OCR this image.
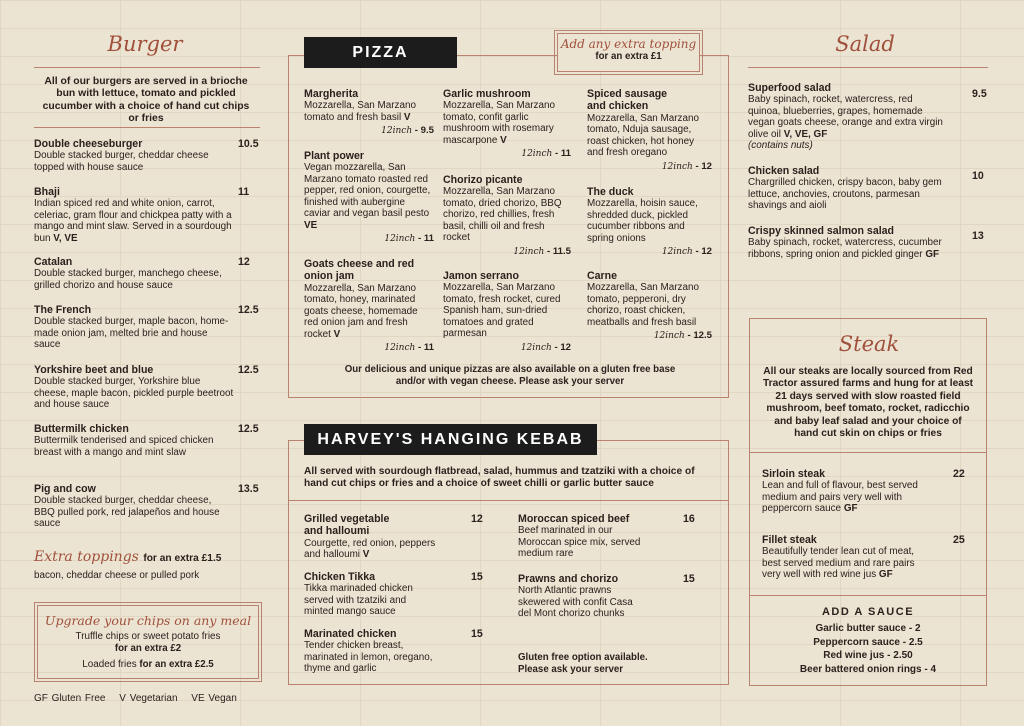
Burger
All of our burgers are served in a brioche bun with lettuce, tomato and pickled cucumber with a choice of hand cut chips or fries
Double cheeseburger
Double stacked burger, cheddar cheese topped with house sauce
10.5
Bhaji
Indian spiced red and white onion, carrot, celeriac, gram flour and chickpea patty with a mango and mint slaw. Served in a sourdough bun V, VE
11
Catalan
Double stacked burger, manchego cheese, grilled chorizo and house sauce
12
The French
Double stacked burger, maple bacon, home-made onion jam, melted brie and house sauce
12.5
Yorkshire beet and blue
Double stacked burger, Yorkshire blue cheese, maple bacon, pickled purple beetroot and house sauce
12.5
Buttermilk chicken
Buttermilk tenderised and spiced chicken breast with a mango and mint slaw
12.5
Pig and cow
Double stacked burger, cheddar cheese, BBQ pulled pork, red jalapeños and house sauce
13.5
Extra toppings for an extra £1.5
bacon, cheddar cheese or pulled pork
Upgrade your chips on any meal
Truffle chips or sweet potato fries
for an extra £2
Loaded fries for an extra £2.5
GF Gluten Free V Vegetarian VE Vegan
PIZZA	Add any extra topping
for an extra £1
Margherita
Mozzarella, San Marzano tomato and fresh basil V
12inch - 9.5
Plant power
Vegan mozzarella, San Marzano tomato roasted red pepper, red onion, courgette, finished with aubergine caviar and vegan basil pesto VE
12inch - 11
Goats cheese and red onion jam
Mozzarella, San Marzano tomato, honey, marinated goats cheese, homemade red onion jam and fresh rocket V
12inch - 11
Garlic mushroom
Mozzarella, San Marzano tomato, confit garlic mushroom with rosemary mascarpone V
12inch - 11
Chorizo picante
Mozzarella, San Marzano tomato, dried chorizo, BBQ chorizo, red chillies, fresh basil, chilli oil and fresh rocket
12inch - 11.5
Jamon serrano
Mozzarella, San Marzano tomato, fresh rocket, cured Spanish ham, sun-dried tomatoes and grated parmesan
12inch - 12
Spiced sausage and chicken
Mozzarella, San Marzano tomato, Nduja sausage, roast chicken, hot honey and fresh oregano
12inch - 12
The duck
Mozzarella, hoisin sauce, shredded duck, pickled cucumber ribbons and spring onions
12inch - 12
Carne
Mozzarella, San Marzano tomato, pepperoni, dry chorizo, roast chicken, meatballs and fresh basil
12inch - 12.5
Our delicious and unique pizzas are also available on a gluten free base and/or with vegan cheese. Please ask your server
HARVEY'S HANGING KEBAB
All served with sourdough flatbread, salad, hummus and tzatziki with a choice of hand cut chips or fries and a choice of sweet chilli or garlic butter sauce
Grilled vegetable and halloumi
Courgette, red onion, peppers and halloumi V
12
Chicken Tikka
Tikka marinaded chicken served with tzatziki and minted mango sauce
15
Marinated chicken
Tender chicken breast, marinated in lemon, oregano, thyme and garlic
15
Moroccan spiced beef
Beef marinated in our Moroccan spice mix, served medium rare
16
Prawns and chorizo
North Atlantic prawns skewered with confit Casa del Mont chorizo chunks
15
Gluten free option available. Please ask your server
Salad
Superfood salad
Baby spinach, rocket, watercress, red quinoa, blueberries, grapes, homemade vegan goats cheese, orange and extra virgin olive oil V, VE, GF
(contains nuts)
9.5
Chicken salad
Chargrilled chicken, crispy bacon, baby gem lettuce, anchovies, croutons, parmesan shavings and aioli
10
Crispy skinned salmon salad
Baby spinach, rocket, watercress, cucumber ribbons, spring onion and pickled ginger GF
13
Steak
All our steaks are locally sourced from Red Tractor assured farms and hung for at least 21 days served with slow roasted field mushroom, beef tomato, rocket, radicchio and baby leaf salad and your choice of hand cut skin on chips or fries
Sirloin steak
Lean and full of flavour, best served medium and pairs very well with peppercorn sauce GF
22
Fillet steak
Beautifully tender lean cut of meat, best served medium and rare pairs very well with red wine jus GF
25
ADD A SAUCE
Garlic butter sauce - 2
Peppercorn sauce - 2.5
Red wine jus - 2.50
Beer battered onion rings - 4
